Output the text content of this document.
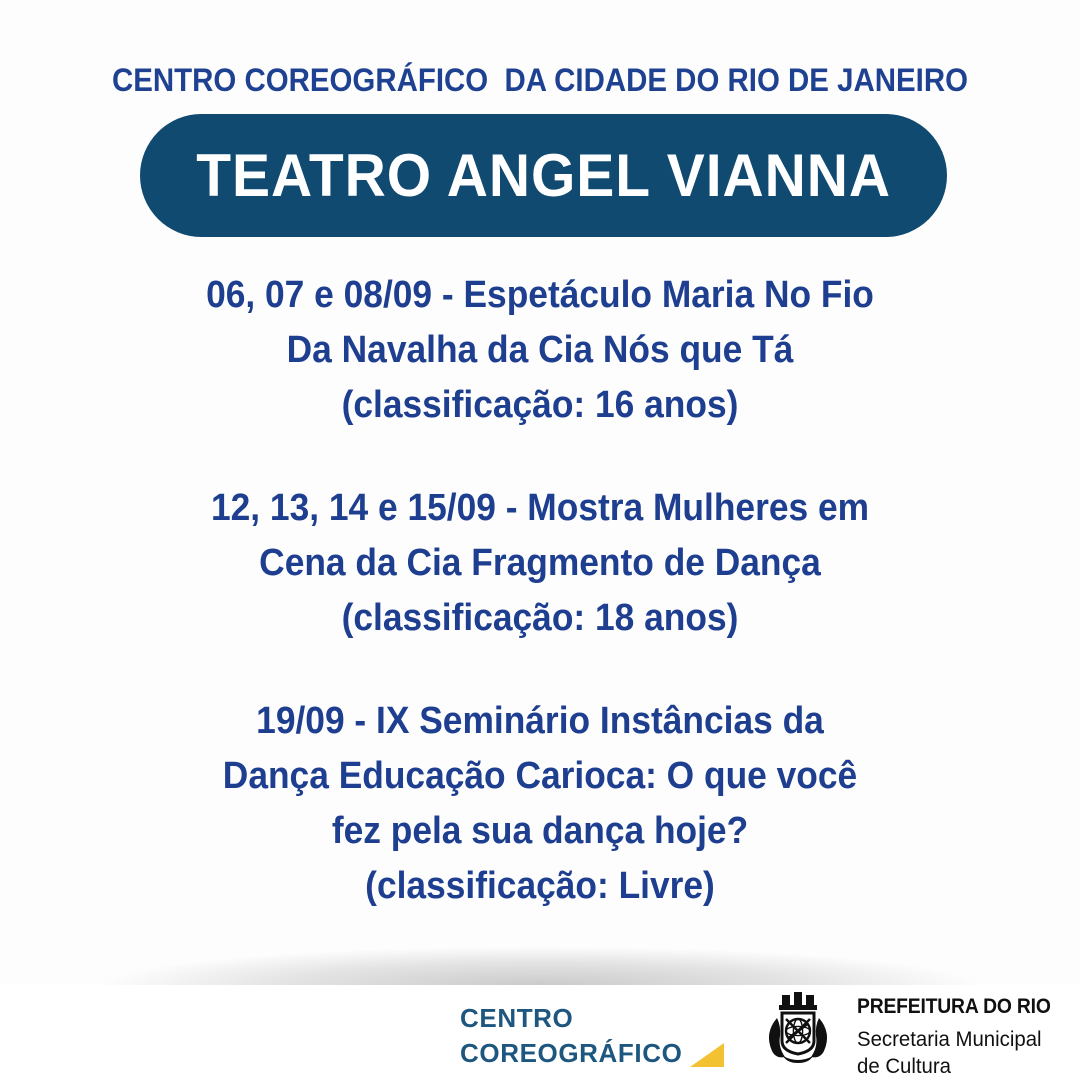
CENTRO COREOGRÁFICO  DA CIDADE DO RIO DE JANEIRO
TEATRO ANGEL VIANNA
06, 07 e 08/09 - Espetáculo Maria No Fio
Da Navalha da Cia Nós que Tá
(classificação: 16 anos)
12, 13, 14 e 15/09 - Mostra Mulheres em
Cena da Cia Fragmento de Dança
(classificação: 18 anos)
19/09 - IX Seminário Instâncias da
Dança Educação Carioca: O que você
fez pela sua dança hoje?
(classificação: Livre)
CENTRO
COREOGRÁFICO
PREFEITURA DO RIO
Secretaria Municipal
de Cultura
